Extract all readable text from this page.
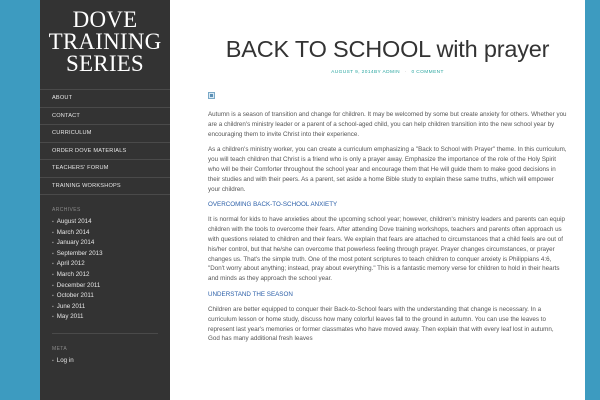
DOVE
TRAINING
SERIES
ABOUT
CONTACT
CURRICULUM
ORDER DOVE MATERIALS
TEACHERS' FORUM
TRAINING WORKSHOPS
ARCHIVES
▪ August 2014
▪ March 2014
▪ January 2014
▪ September 2013
▪ April 2012
▪ March 2012
▪ December 2011
▪ October 2011
▪ June 2011
▪ May 2011
META
▪ Log in
BACK TO SCHOOL with prayer
AUGUST 9, 2014BY ADMIN · 0 COMMENT

Autumn is a season of transition and change for children. It may be welcomed by some but create anxiety for others. Whether you are a children's ministry leader or a parent of a school-aged child, you can help children transition into the new school year by encouraging them to invite Christ into their experience.

As a children's ministry worker, you can create a curriculum emphasizing a "Back to School with Prayer" theme. In this curriculum, you will teach children that Christ is a friend who is only a prayer away. Emphasize the importance of the role of the Holy Spirit who will be their Comforter throughout the school year and encourage them that He will guide them to make good decisions in their studies and with their peers. As a parent, set aside a home Bible study to explain these same truths, which will empower your children.

OVERCOMING BACK-TO-SCHOOL ANXIETY

It is normal for kids to have anxieties about the upcoming school year; however, children's ministry leaders and parents can equip children with the tools to overcome their fears. After attending Dove training workshops, teachers and parents often approach us with questions related to children and their fears. We explain that fears are attached to circumstances that a child feels are out of his/her control, but that he/she can overcome that powerless feeling through prayer. Prayer changes circumstances, or prayer changes us. That's the simple truth. One of the most potent scriptures to teach children to conquer anxiety is Philippians 4:6, "Don't worry about anything; instead, pray about everything." This is a fantastic memory verse for children to hold in their hearts and minds as they approach the school year.

UNDERSTAND THE SEASON

Children are better equipped to conquer their Back-to-School fears with the understanding that change is necessary. In a curriculum lesson or home study, discuss how many colorful leaves fall to the ground in autumn. You can use the leaves to represent last year's memories or former classmates who have moved away. Then explain that with every leaf lost in autumn, God has many additional fresh leaves
